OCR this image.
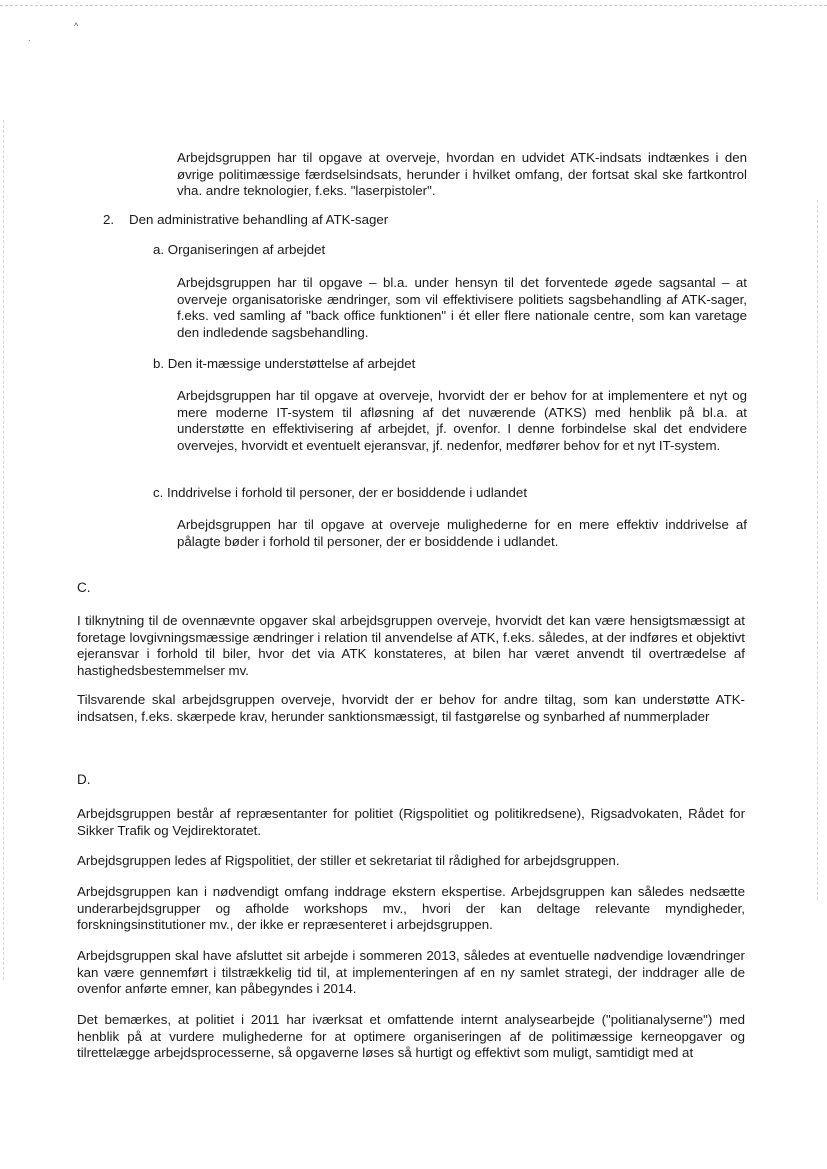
.
^

Arbejdsgruppen har til opgave at overveje, hvordan en udvidet ATK-indsats indtænkes i den øvrige politimæssige færdselsindsats, herunder i hvilket omfang, der fortsat skal ske fartkontrol vha. andre teknologier, f.eks. "laserpistoler".

2. Den administrative behandling af ATK-sager

a. Organiseringen af arbejdet

Arbejdsgruppen har til opgave – bl.a. under hensyn til det forventede øgede sagsantal – at overveje organisatoriske ændringer, som vil effektivisere politiets sagsbehandling af ATK-sager, f.eks. ved samling af "back office funktionen" i ét eller flere nationale centre, som kan varetage den indledende sagsbehandling.

b. Den it-mæssige understøttelse af arbejdet

Arbejdsgruppen har til opgave at overveje, hvorvidt der er behov for at implementere et nyt og mere moderne IT-system til afløsning af det nuværende (ATKS) med henblik på bl.a. at understøtte en effektivisering af arbejdet, jf. ovenfor. I denne forbindelse skal det endvidere overvejes, hvorvidt et eventuelt ejeransvar, jf. nedenfor, medfører behov for et nyt IT-system.

c. Inddrivelse i forhold til personer, der er bosiddende i udlandet

Arbejdsgruppen har til opgave at overveje mulighederne for en mere effektiv inddrivelse af pålagte bøder i forhold til personer, der er bosiddende i udlandet.

C.

I tilknytning til de ovennævnte opgaver skal arbejdsgruppen overveje, hvorvidt det kan være hensigtsmæssigt at foretage lovgivningsmæssige ændringer i relation til anvendelse af ATK, f.eks. således, at der indføres et objektivt ejeransvar i forhold til biler, hvor det via ATK konstateres, at bilen har været anvendt til overtrædelse af hastighedsbestemmelser mv.

Tilsvarende skal arbejdsgruppen overveje, hvorvidt der er behov for andre tiltag, som kan understøtte ATK-indsatsen, f.eks. skærpede krav, herunder sanktionsmæssigt, til fastgørelse og synbarhed af nummerplader

D.

Arbejdsgruppen består af repræsentanter for politiet (Rigspolitiet og politikredsene), Rigsadvokaten, Rådet for Sikker Trafik og Vejdirektoratet.

Arbejdsgruppen ledes af Rigspolitiet, der stiller et sekretariat til rådighed for arbejdsgruppen.

Arbejdsgruppen kan i nødvendigt omfang inddrage ekstern ekspertise. Arbejdsgruppen kan således nedsætte underarbejdsgrupper og afholde workshops mv., hvori der kan deltage relevante myndigheder, forskningsinstitutioner mv., der ikke er repræsenteret i arbejdsgruppen.

Arbejdsgruppen skal have afsluttet sit arbejde i sommeren 2013, således at eventuelle nødvendige lovændringer kan være gennemført i tilstrækkelig tid til, at implementeringen af en ny samlet strategi, der inddrager alle de ovenfor anførte emner, kan påbegyndes i 2014.

Det bemærkes, at politiet i 2011 har iværksat et omfattende internt analysearbejde ("politianalyserne") med henblik på at vurdere mulighederne for at optimere organiseringen af de politimæssige kerneopgaver og tilrettelægge arbejdsprocesserne, så opgaverne løses så hurtigt og effektivt som muligt, samtidigt med at
